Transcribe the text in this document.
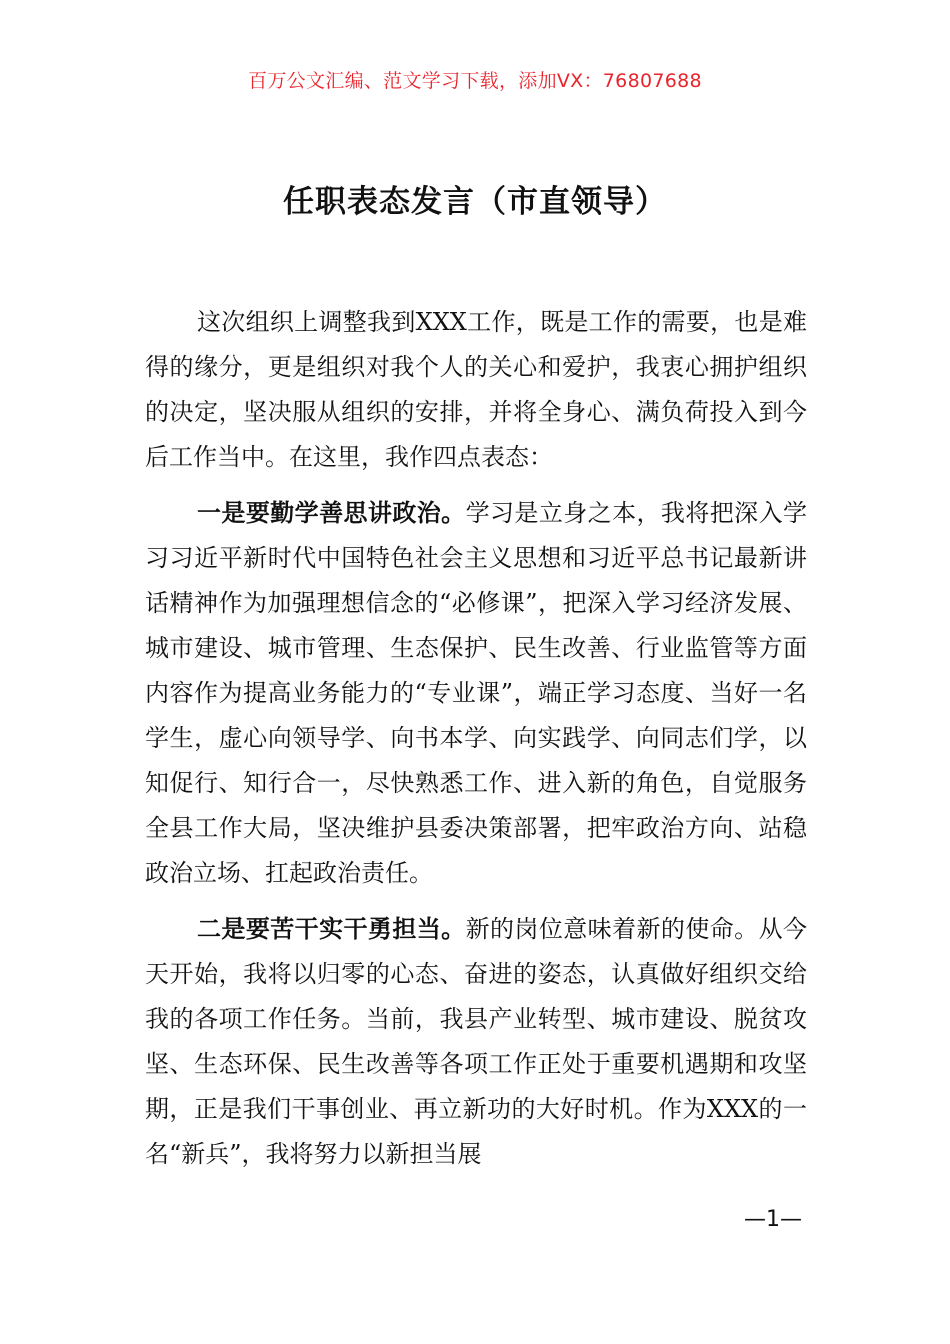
百万公文汇编、范文学习下载，添加VX：76807688
任职表态发言（市直领导）

这次组织上调整我到XXX工作，既是工作的需要，也是难得的缘分，更是组织对我个人的关心和爱护，我衷心拥护组织的决定，坚决服从组织的安排，并将全身心、满负荷投入到今后工作当中。在这里，我作四点表态：

一是要勤学善思讲政治。学习是立身之本，我将把深入学习习近平新时代中国特色社会主义思想和习近平总书记最新讲话精神作为加强理想信念的“必修课”，把深入学习经济发展、城市建设、城市管理、生态保护、民生改善、行业监管等方面内容作为提高业务能力的“专业课”，端正学习态度、当好一名学生，虚心向领导学、向书本学、向实践学、向同志们学，以知促行、知行合一，尽快熟悉工作、进入新的角色，自觉服务全县工作大局，坚决维护县委决策部署，把牢政治方向、站稳政治立场、扛起政治责任。

二是要苦干实干勇担当。新的岗位意味着新的使命。从今天开始，我将以归零的心态、奋进的姿态，认真做好组织交给我的各项工作任务。当前，我县产业转型、城市建设、脱贫攻坚、生态环保、民生改善等各项工作正处于重要机遇期和攻坚期，正是我们干事创业、再立新功的大好时机。作为XXX的一名“新兵”，我将努力以新担当展

—1—
